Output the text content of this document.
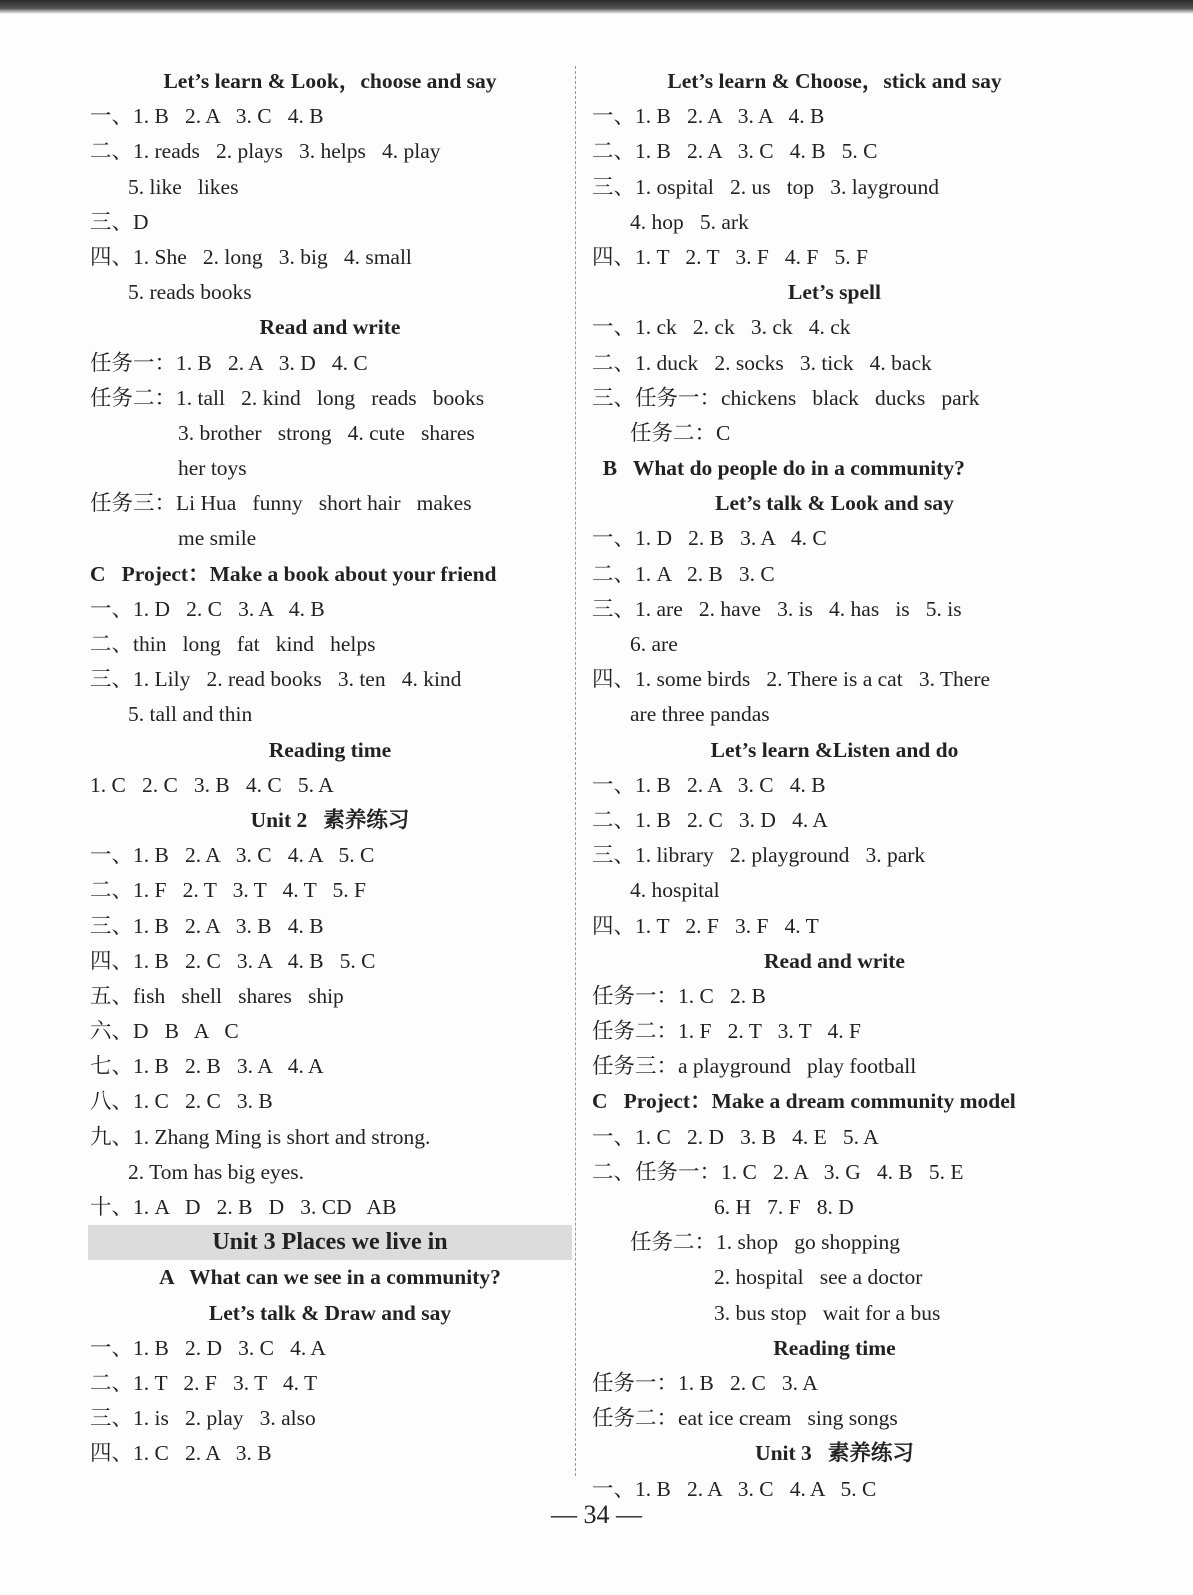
Let’s learn & Look，choose and say
一、1. B   2. A   3. C   4. B
二、1. reads   2. plays   3. helps   4. play
5. like   likes
三、D
四、1. She   2. long   3. big   4. small
5. reads books
Read and write
任务一：1. B   2. A   3. D   4. C
任务二：1. tall   2. kind   long   reads   books
3. brother   strong   4. cute   shares
her toys
任务三：Li Hua   funny   short hair   makes
me smile
C   Project：Make a book about your friend
一、1. D   2. C   3. A   4. B
二、thin   long   fat   kind   helps
三、1. Lily   2. read books   3. ten   4. kind
5. tall and thin
Reading time
1. C   2. C   3. B   4. C   5. A
Unit 2   素养练习
一、1. B   2. A   3. C   4. A   5. C
二、1. F   2. T   3. T   4. T   5. F
三、1. B   2. A   3. B   4. B
四、1. B   2. C   3. A   4. B   5. C
五、fish   shell   shares   ship
六、D   B   A   C
七、1. B   2. B   3. A   4. A
八、1. C   2. C   3. B
九、1. Zhang Ming is short and strong.
2. Tom has big eyes.
十、1. A   D   2. B   D   3. CD   AB
Unit 3 Places we live in
A   What can we see in a community?
Let’s talk & Draw and say
一、1. B   2. D   3. C   4. A
二、1. T   2. F   3. T   4. T
三、1. is   2. play   3. also
四、1. C   2. A   3. B
Let’s learn & Choose，stick and say
一、1. B   2. A   3. A   4. B
二、1. B   2. A   3. C   4. B   5. C
三、1. ospital   2. us   top   3. layground
4. hop   5. ark
四、1. T   2. T   3. F   4. F   5. F
Let’s spell
一、1. ck   2. ck   3. ck   4. ck
二、1. duck   2. socks   3. tick   4. back
三、任务一：chickens   black   ducks   park
任务二：C
B   What do people do in a community?
Let’s talk & Look and say
一、1. D   2. B   3. A   4. C
二、1. A   2. B   3. C
三、1. are   2. have   3. is   4. has   is   5. is
6. are
四、1. some birds   2. There is a cat   3. There
are three pandas
Let’s learn &Listen and do
一、1. B   2. A   3. C   4. B
二、1. B   2. C   3. D   4. A
三、1. library   2. playground   3. park
4. hospital
四、1. T   2. F   3. F   4. T
Read and write
任务一：1. C   2. B
任务二：1. F   2. T   3. T   4. F
任务三：a playground   play football
C   Project：Make a dream community model
一、1. C   2. D   3. B   4. E   5. A
二、任务一：1. C   2. A   3. G   4. B   5. E
6. H   7. F   8. D
任务二：1. shop   go shopping
2. hospital   see a doctor
3. bus stop   wait for a bus
Reading time
任务一：1. B   2. C   3. A
任务二：eat ice cream   sing songs
Unit 3   素养练习
一、1. B   2. A   3. C   4. A   5. C
— 34 —
